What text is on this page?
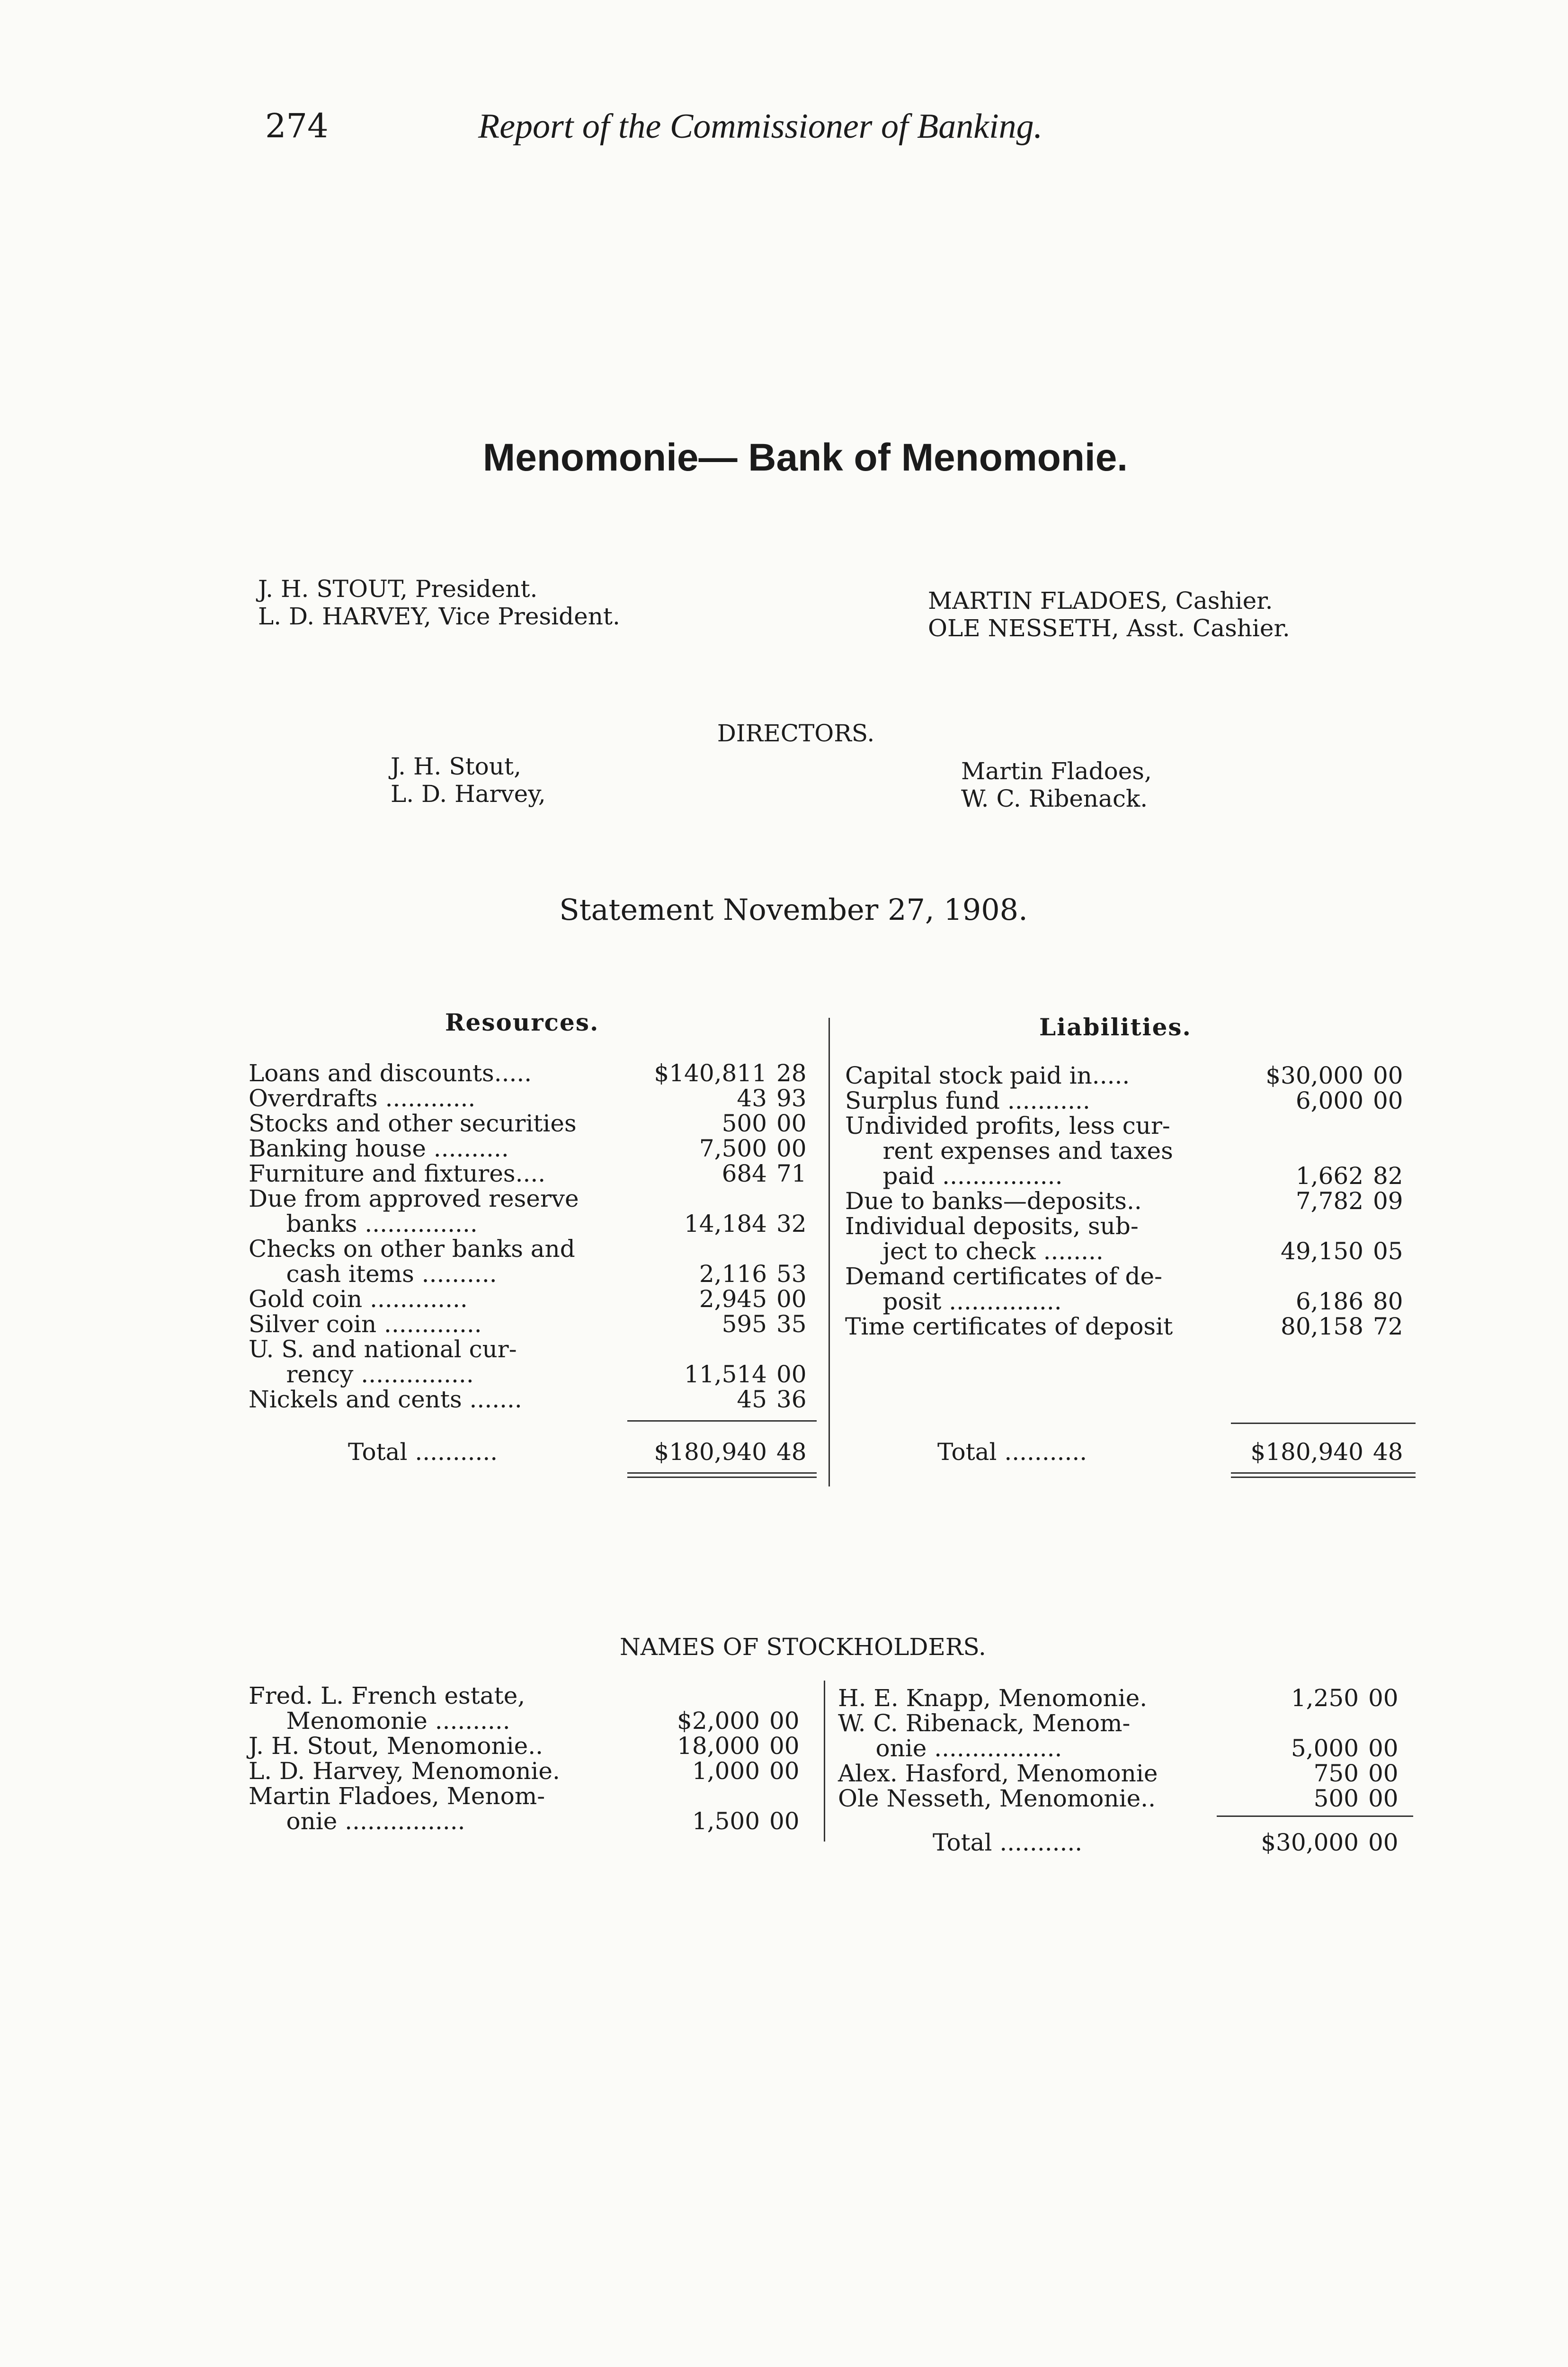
274	Report of the Commissioner of Banking.
Menomonie— Bank of Menomonie.
J. H. STOUT, President.
L. D. HARVEY, Vice President.
MARTIN FLADOES, Cashier.
OLE NESSETH, Asst. Cashier.
DIRECTORS.
J. H. Stout,
L. D. Harvey,
Martin Fladoes,
W. C. Ribenack.
Statement November 27, 1908.
Resources.	Liabilities.
Loans and discounts.....	$140,811 28
Overdrafts ............	43 93
Stocks and other securities	500 00
Banking house ..........	7,500 00
Furniture and fixtures....	684 71
Due from approved reserve
banks ...............	14,184 32
Checks on other banks and
cash items ..........	2,116 53
Gold coin .............	2,945 00
Silver coin .............	595 35
U. S. and national cur-
rency ...............	11,514 00
Nickels and cents .......	45 36
Total ...........	$180,940 48
Capital stock paid in.....	$30,000 00
Surplus fund ...........	6,000 00
Undivided profits, less cur-
rent expenses and taxes
paid ................	1,662 82
Due to banks—deposits..	7,782 09
Individual deposits, sub-
ject to check ........	49,150 05
Demand certificates of de-
posit ...............	6,186 80
Time certificates of deposit	80,158 72
Total ...........	$180,940 48
NAMES OF STOCKHOLDERS.
Fred. L. French estate,
Menomonie ..........	$2,000 00
J. H. Stout, Menomonie..	18,000 00
L. D. Harvey, Menomonie.	1,000 00
Martin Fladoes, Menom-
onie ................	1,500 00
H. E. Knapp, Menomonie.	1,250 00
W. C. Ribenack, Menom-
onie .................	5,000 00
Alex. Hasford, Menomonie	750 00
Ole Nesseth, Menomonie..	500 00
Total ...........	$30,000 00
